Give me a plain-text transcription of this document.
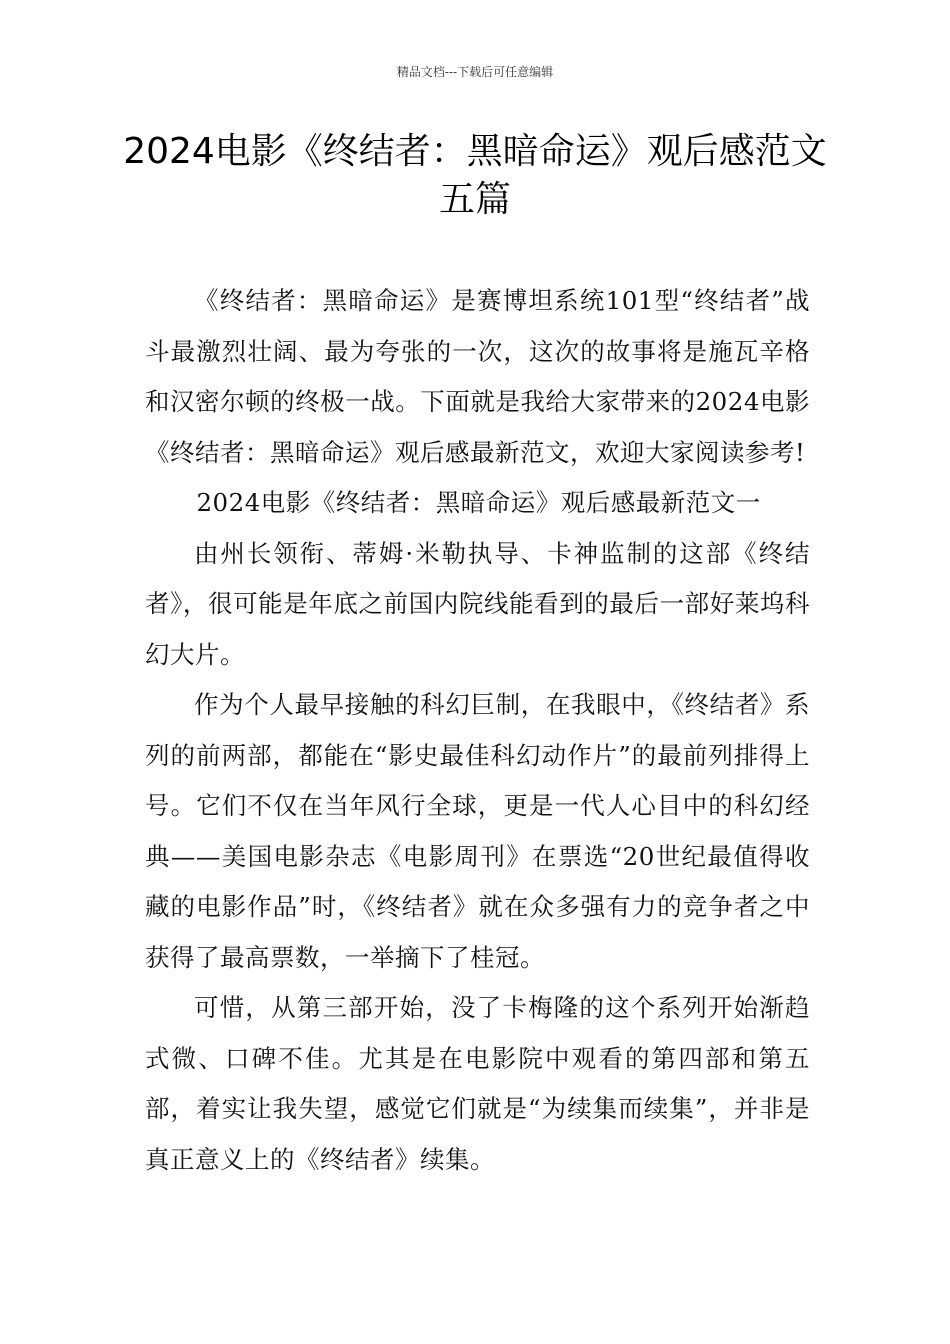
精品文档---下载后可任意编辑
2024电影《终结者：黑暗命运》观后感范文五篇

《终结者：黑暗命运》是赛博坦系统101型“终结者”战斗最激烈壮阔、最为夸张的一次，这次的故事将是施瓦辛格和汉密尔顿的终极一战。下面就是我给大家带来的2024电影《终结者：黑暗命运》观后感最新范文，欢迎大家阅读参考!

2024电影《终结者：黑暗命运》观后感最新范文一

由州长领衔、蒂姆·米勒执导、卡神监制的这部《终结者》，很可能是年底之前国内院线能看到的最后一部好莱坞科幻大片。

作为个人最早接触的科幻巨制，在我眼中，《终结者》系列的前两部，都能在“影史最佳科幻动作片”的最前列排得上号。它们不仅在当年风行全球，更是一代人心目中的科幻经典——美国电影杂志《电影周刊》在票选“20世纪最值得收藏的电影作品”时，《终结者》就在众多强有力的竞争者之中获得了最高票数，一举摘下了桂冠。

可惜，从第三部开始，没了卡梅隆的这个系列开始渐趋式微、口碑不佳。尤其是在电影院中观看的第四部和第五部，着实让我失望，感觉它们就是“为续集而续集”，并非是真正意义上的《终结者》续集。
